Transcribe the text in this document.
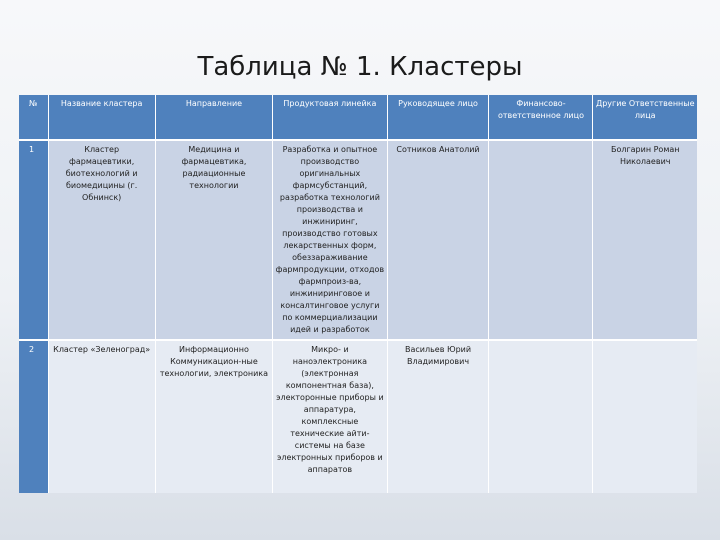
Таблица № 1. Кластеры
№	Название кластера	Направление	Продуктовая линейка	Руководящее лицо	Финансово-ответственное лицо	Другие Ответственные лица
1	Кластер фармацевтики, биотехнологий и биомедицины (г. Обнинск)	Медицина и фармацевтика, радиационные технологии	Разработка и опытное производство оригинальных фармсубстанций, разработка технологий производства и инжиниринг, производство готовых лекарственных форм, обеззараживание фармпродукции, отходов фармпроиз-ва, инжиниринговое и консалтинговое услуги по коммерциализации идей и разработок	Сотников Анатолий		Болгарин Роман Николаевич
2	Кластер «Зеленоград»	Информационно Коммуникацион-ные технологии, электроника	Микро- и наноэлектроника (электронная компонентная база), электоронные приборы и аппаратура, комплексные технические айти-системы на базе электронных приборов и аппаратов	Васильев Юрий Владимирович		
